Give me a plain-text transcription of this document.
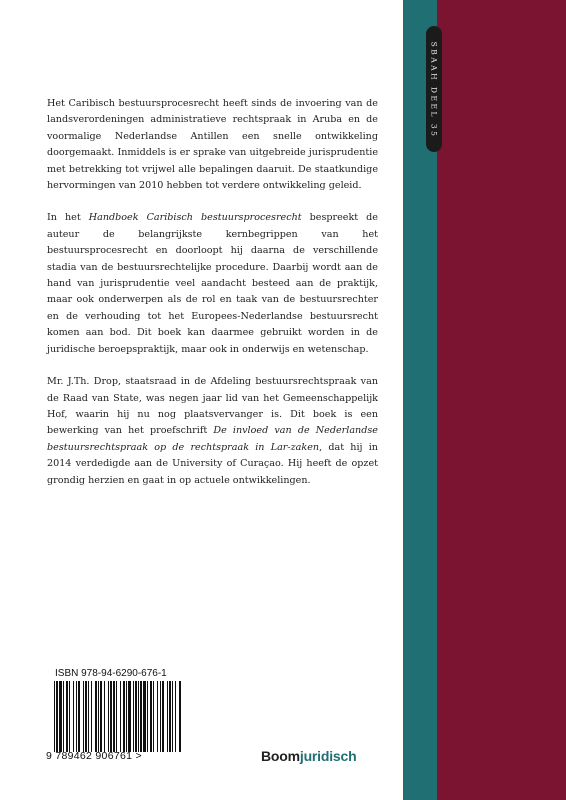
SBAAH DEEL 35

Het Caribisch bestuursprocesrecht heeft sinds de invoering van de landsverordeningen administratieve rechtspraak in Aruba en de voormalige Nederlandse Antillen een snelle ontwikkeling doorgemaakt. Inmiddels is er sprake van uitgebreide jurisprudentie met betrekking tot vrijwel alle bepalingen daaruit. De staatkundige hervormingen van 2010 hebben tot verdere ontwikkeling geleid.

In het Handboek Caribisch bestuursprocesrecht bespreekt de auteur de belangrijkste kernbegrippen van het bestuursprocesrecht en doorloopt hij daarna de verschillende stadia van de bestuursrechtelijke procedure. Daarbij wordt aan de hand van jurisprudentie veel aandacht besteed aan de praktijk, maar ook onderwerpen als de rol en taak van de bestuursrechter en de verhouding tot het Europees-Nederlandse bestuursrecht komen aan bod. Dit boek kan daarmee gebruikt worden in de juridische beroepspraktijk, maar ook in onderwijs en wetenschap.

Mr. J.Th. Drop, staatsraad in de Afdeling bestuursrechtspraak van de Raad van State, was negen jaar lid van het Gemeenschappelijk Hof, waarin hij nu nog plaatsvervanger is. Dit boek is een bewerking van het proefschrift De invloed van de Nederlandse bestuursrechtspraak op de rechtspraak in Lar-zaken, dat hij in 2014 verdedigde aan de University of Curaçao. Hij heeft de opzet grondig herzien en gaat in op actuele ontwikkelingen.

ISBN 978-94-6290-676-1
9 789462 906761 >	Boomjuridisch
